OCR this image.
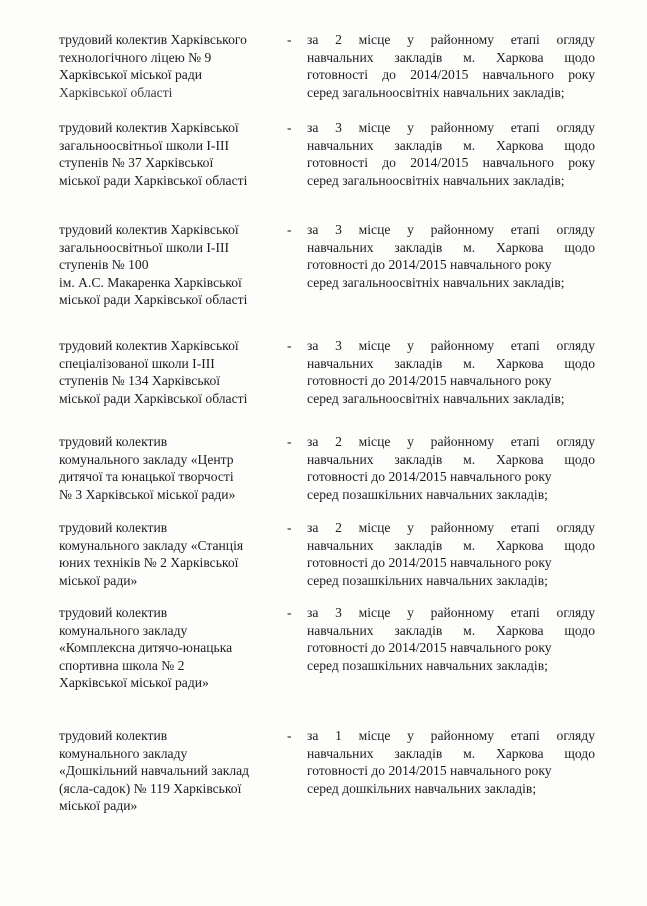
трудовий колектив Харківського
технологічного ліцею № 9
Харківської міської ради
Харківської області
- за 2 місце у районному етапі огляду
навчальних закладів м. Харкова щодо
готовності до 2014/2015 навчального року
серед загальноосвітніх навчальних закладів;
трудовий колектив Харківської
загальноосвітньої школи І-ІІІ
ступенів № 37 Харківської
міської ради Харківської області
- за 3 місце у районному етапі огляду
навчальних закладів м. Харкова щодо
готовності до 2014/2015 навчального року
серед загальноосвітніх навчальних закладів;
трудовий колектив Харківської
загальноосвітньої школи І-ІІІ
ступенів № 100
ім. А.С. Макаренка Харківської
міської ради Харківської області
- за 3 місце у районному етапі огляду
навчальних закладів м. Харкова щодо
готовності до 2014/2015 навчального року
серед загальноосвітніх навчальних закладів;
трудовий колектив Харківської
спеціалізованої школи І-ІІІ
ступенів № 134 Харківської
міської ради Харківської області
- за 3 місце у районному етапі огляду
навчальних закладів м. Харкова щодо
готовності до 2014/2015 навчального року
серед загальноосвітніх навчальних закладів;
трудовий колектив
комунального закладу «Центр
дитячої та юнацької творчості
№ 3 Харківської міської ради»
- за 2 місце у районному етапі огляду
навчальних закладів м. Харкова щодо
готовності до 2014/2015 навчального року
серед позашкільних навчальних закладів;
трудовий колектив
комунального закладу «Станція
юних техніків № 2 Харківської
міської ради»
- за 2 місце у районному етапі огляду
навчальних закладів м. Харкова щодо
готовності до 2014/2015 навчального року
серед позашкільних навчальних закладів;
трудовий колектив
комунального закладу
«Комплексна дитячо-юнацька
спортивна школа № 2
Харківської міської ради»
- за 3 місце у районному етапі огляду
навчальних закладів м. Харкова щодо
готовності до 2014/2015 навчального року
серед позашкільних навчальних закладів;
трудовий колектив
комунального закладу
«Дошкільний навчальний заклад
(ясла-садок) № 119 Харківської
міської ради»
- за 1 місце у районному етапі огляду
навчальних закладів м. Харкова щодо
готовності до 2014/2015 навчального року
серед дошкільних навчальних закладів;
